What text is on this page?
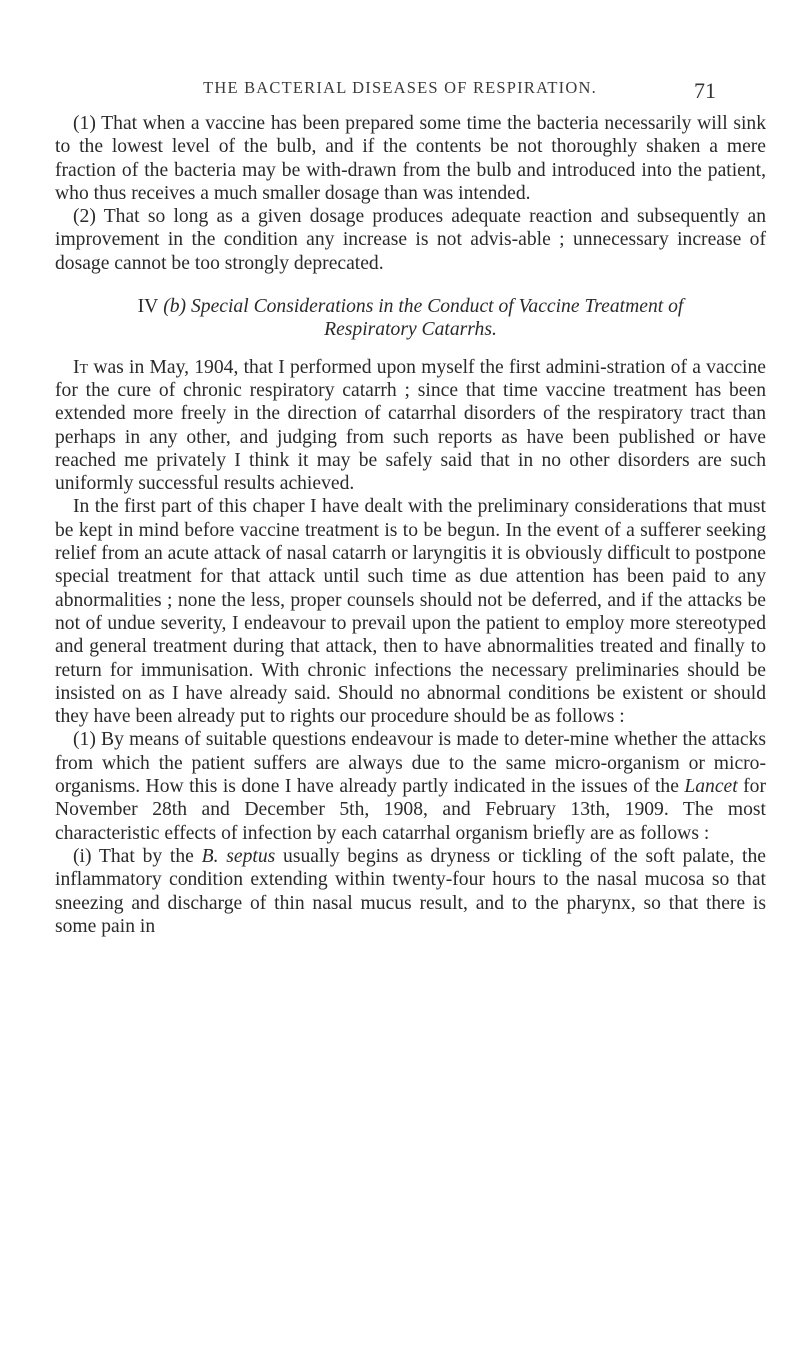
THE BACTERIAL DISEASES OF RESPIRATION.	71

(1) That when a vaccine has been prepared some time the bacteria necessarily will sink to the lowest level of the bulb, and if the contents be not thoroughly shaken a mere fraction of the bacteria may be with-drawn from the bulb and introduced into the patient, who thus receives a much smaller dosage than was intended.

(2) That so long as a given dosage produces adequate reaction and subsequently an improvement in the condition any increase is not advis-able ; unnecessary increase of dosage cannot be too strongly deprecated.

IV (b) Special Considerations in the Conduct of Vaccine Treatment of Respiratory Catarrhs.

It was in May, 1904, that I performed upon myself the first admini-stration of a vaccine for the cure of chronic respiratory catarrh ; since that time vaccine treatment has been extended more freely in the direction of catarrhal disorders of the respiratory tract than perhaps in any other, and judging from such reports as have been published or have reached me privately I think it may be safely said that in no other disorders are such uniformly successful results achieved.

In the first part of this chaper I have dealt with the preliminary considerations that must be kept in mind before vaccine treatment is to be begun. In the event of a sufferer seeking relief from an acute attack of nasal catarrh or laryngitis it is obviously difficult to postpone special treatment for that attack until such time as due attention has been paid to any abnormalities ; none the less, proper counsels should not be deferred, and if the attacks be not of undue severity, I endeavour to prevail upon the patient to employ more stereotyped and general treatment during that attack, then to have abnormalities treated and finally to return for immunisation. With chronic infections the necessary preliminaries should be insisted on as I have already said. Should no abnormal conditions be existent or should they have been already put to rights our procedure should be as follows :

(1) By means of suitable questions endeavour is made to deter-mine whether the attacks from which the patient suffers are always due to the same micro-organism or micro-organisms. How this is done I have already partly indicated in the issues of the Lancet for November 28th and December 5th, 1908, and February 13th, 1909. The most characteristic effects of infection by each catarrhal organism briefly are as follows :

(i) That by the B. septus usually begins as dryness or tickling of the soft palate, the inflammatory condition extending within twenty-four hours to the nasal mucosa so that sneezing and discharge of thin nasal mucus result, and to the pharynx, so that there is some pain in
